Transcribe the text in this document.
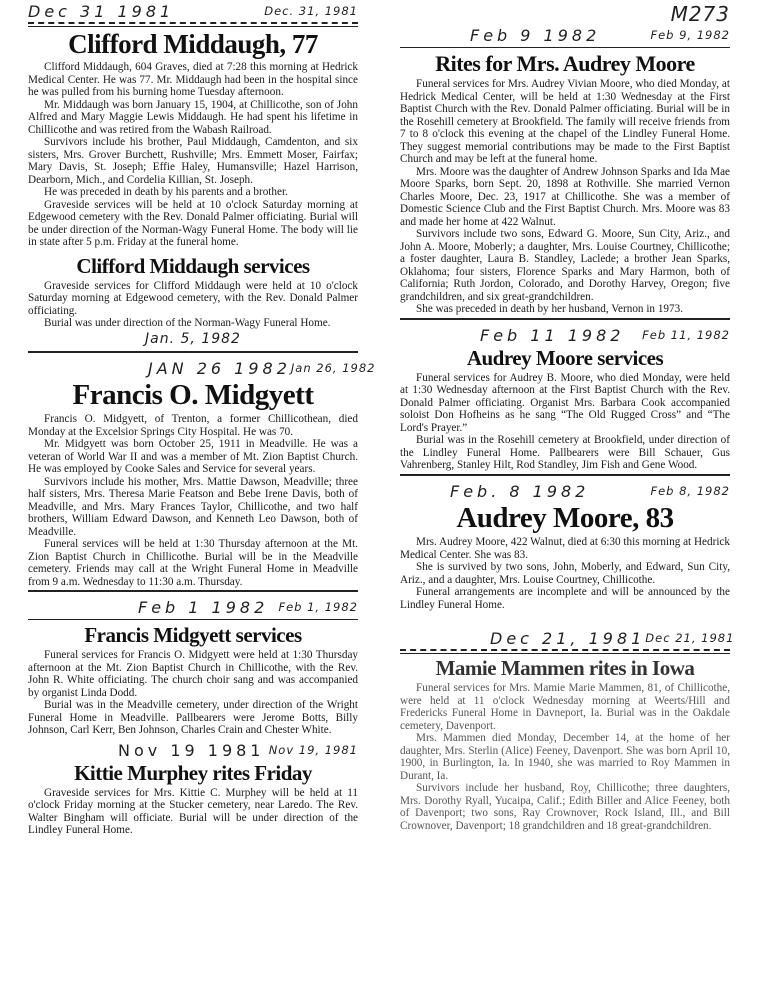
Dec 31 1981	Dec. 31, 1981
Clifford Middaugh, 77

Clifford Middaugh, 604 Graves, died at 7:28 this morning at Hedrick Medical Center. He was 77. Mr. Middaugh had been in the hospital since he was pulled from his burning home Tuesday afternoon.

Mr. Middaugh was born January 15, 1904, at Chillicothe, son of John Alfred and Mary Maggie Lewis Middaugh. He had spent his lifetime in Chillicothe and was retired from the Wabash Railroad.

Survivors include his brother, Paul Middaugh, Camdenton, and six sisters, Mrs. Grover Burchett, Rushville; Mrs. Emmett Moser, Fairfax; Mary Davis, St. Joseph; Effie Haley, Humansville; Hazel Harrison, Dearborn, Mich., and Cordelia Killian, St. Joseph.

He was preceded in death by his parents and a brother.

Graveside services will be held at 10 o'clock Saturday morning at Edgewood cemetery with the Rev. Donald Palmer officiating. Burial will be under direction of the Norman-Wagy Funeral Home. The body will lie in state after 5 p.m. Friday at the funeral home.

Clifford Middaugh services

Graveside services for Clifford Middaugh were held at 10 o'clock Saturday morning at Edgewood cemetery, with the Rev. Donald Palmer officiating.

Burial was under direction of the Norman-Wagy Funeral Home.

Jan. 5, 1982
JAN 26 1982 Jan 26, 1982
Francis O. Midgyett

Francis O. Midgyett, of Trenton, a former Chillicothean, died Monday at the Excelsior Springs City Hospital. He was 70.

Mr. Midgyett was born October 25, 1911 in Meadville. He was a veteran of World War II and was a member of Mt. Zion Baptist Church. He was employed by Cooke Sales and Service for several years.

Survivors include his mother, Mrs. Mattie Dawson, Meadville; three half sisters, Mrs. Theresa Marie Featson and Bebe Irene Davis, both of Meadville, and Mrs. Mary Frances Taylor, Chillicothe, and two half brothers, William Edward Dawson, and Kenneth Leo Dawson, both of Meadville.

Funeral services will be held at 1:30 Thursday afternoon at the Mt. Zion Baptist Church in Chillicothe. Burial will be in the Meadville cemetery. Friends may call at the Wright Funeral Home in Meadville from 9 a.m. Wednesday to 11:30 a.m. Thursday.

Feb 1 1982 Feb 1, 1982
Francis Midgyett services

Funeral services for Francis O. Midgyett were held at 1:30 Thursday afternoon at the Mt. Zion Baptist Church in Chillicothe, with the Rev. John R. White officiating. The church choir sang and was accompanied by organist Linda Dodd.

Burial was in the Meadville cemetery, under direction of the Wright Funeral Home in Meadville. Pallbearers were Jerome Botts, Billy Johnson, Carl Kerr, Ben Johnson, Charles Crain and Chester White.

Nov 19 1981 Nov 19, 1981
Kittie Murphey rites Friday

Graveside services for Mrs. Kittie C. Murphey will be held at 11 o'clock Friday morning at the Stucker cemetery, near Laredo. The Rev. Walter Bingham will officiate. Burial will be under direction of the Lindley Funeral Home.

M273
Feb 9 1982	Feb 9, 1982
Rites for Mrs. Audrey Moore

Funeral services for Mrs. Audrey Vivian Moore, who died Monday, at Hedrick Medical Center, will be held at 1:30 Wednesday at the First Baptist Church with the Rev. Donald Palmer officiating. Burial will be in the Rosehill cemetery at Brookfield. The family will receive friends from 7 to 8 o'clock this evening at the chapel of the Lindley Funeral Home. They suggest memorial contributions may be made to the First Baptist Church and may be left at the funeral home.

Mrs. Moore was the daughter of Andrew Johnson Sparks and Ida Mae Moore Sparks, born Sept. 20, 1898 at Rothville. She married Vernon Charles Moore, Dec. 23, 1917 at Chillicothe. She was a member of Domestic Science Club and the First Baptist Church. Mrs. Moore was 83 and made her home at 422 Walnut.

Survivors include two sons, Edward G. Moore, Sun City, Ariz., and John A. Moore, Moberly; a daughter, Mrs. Louise Courtney, Chillicothe; a foster daughter, Laura B. Standley, Laclede; a brother Jean Sparks, Oklahoma; four sisters, Florence Sparks and Mary Harmon, both of California; Ruth Jordon, Colorado, and Dorothy Harvey, Oregon; five grandchildren, and six great-grandchildren.

She was preceded in death by her husband, Vernon in 1973.

Feb 11 1982 Feb 11, 1982
Audrey Moore services

Funeral services for Audrey B. Moore, who died Monday, were held at 1:30 Wednesday afternoon at the First Baptist Church with the Rev. Donald Palmer officiating. Organist Mrs. Barbara Cook accompanied soloist Don Hofheins as he sang “The Old Rugged Cross” and “The Lord's Prayer.”

Burial was in the Rosehill cemetery at Brookfield, under direction of the Lindley Funeral Home. Pallbearers were Bill Schauer, Gus Vahrenberg, Stanley Hilt, Rod Standley, Jim Fish and Gene Wood.

Feb. 8 1982	Feb 8, 1982
Audrey Moore, 83

Mrs. Audrey Moore, 422 Walnut, died at 6:30 this morning at Hedrick Medical Center. She was 83.

She is survived by two sons, John, Moberly, and Edward, Sun City, Ariz., and a daughter, Mrs. Louise Courtney, Chillicothe.

Funeral arrangements are incomplete and will be announced by the Lindley Funeral Home.

Dec 21, 1981 Dec 21, 1981
Mamie Mammen rites in Iowa

Funeral services for Mrs. Mamie Marie Mammen, 81, of Chillicothe, were held at 11 o'clock Wednesday morning at Weerts/Hill and Fredericks Funeral Home in Davneport, Ia. Burial was in the Oakdale cemetery, Davenport.

Mrs. Mammen died Monday, December 14, at the home of her daughter, Mrs. Sterlin (Alice) Feeney, Davenport. She was born April 10, 1900, in Burlington, Ia. In 1940, she was married to Roy Mammen in Durant, Ia.

Survivors include her husband, Roy, Chillicothe; three daughters, Mrs. Dorothy Ryall, Yucaipa, Calif.; Edith Biller and Alice Feeney, both of Davenport; two sons, Ray Crownover, Rock Island, Ill., and Bill Crownover, Davenport; 18 grandchildren and 18 great-grandchildren.
